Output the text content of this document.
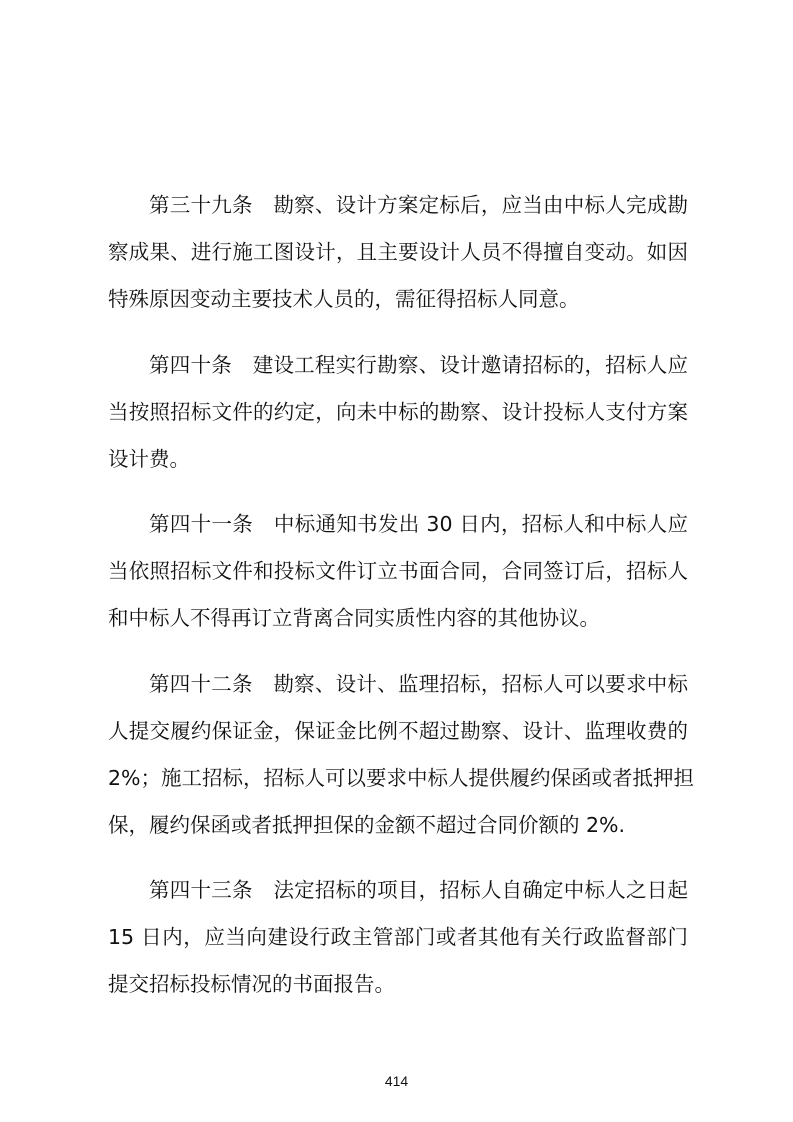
第三十九条　勘察、设计方案定标后，应当由中标人完成勘
察成果、进行施工图设计，且主要设计人员不得擅自变动。如因
特殊原因变动主要技术人员的，需征得招标人同意。
第四十条　建设工程实行勘察、设计邀请招标的，招标人应
当按照招标文件的约定，向未中标的勘察、设计投标人支付方案
设计费。
第四十一条　中标通知书发出 30 日内，招标人和中标人应
当依照招标文件和投标文件订立书面合同，合同签订后，招标人
和中标人不得再订立背离合同实质性内容的其他协议。
第四十二条　勘察、设计、监理招标，招标人可以要求中标
人提交履约保证金，保证金比例不超过勘察、设计、监理收费的
2%；施工招标，招标人可以要求中标人提供履约保函或者抵押担
保，履约保函或者抵押担保的金额不超过合同价额的 2%.
第四十三条　法定招标的项目，招标人自确定中标人之日起
15 日内，应当向建设行政主管部门或者其他有关行政监督部门
提交招标投标情况的书面报告。
414
